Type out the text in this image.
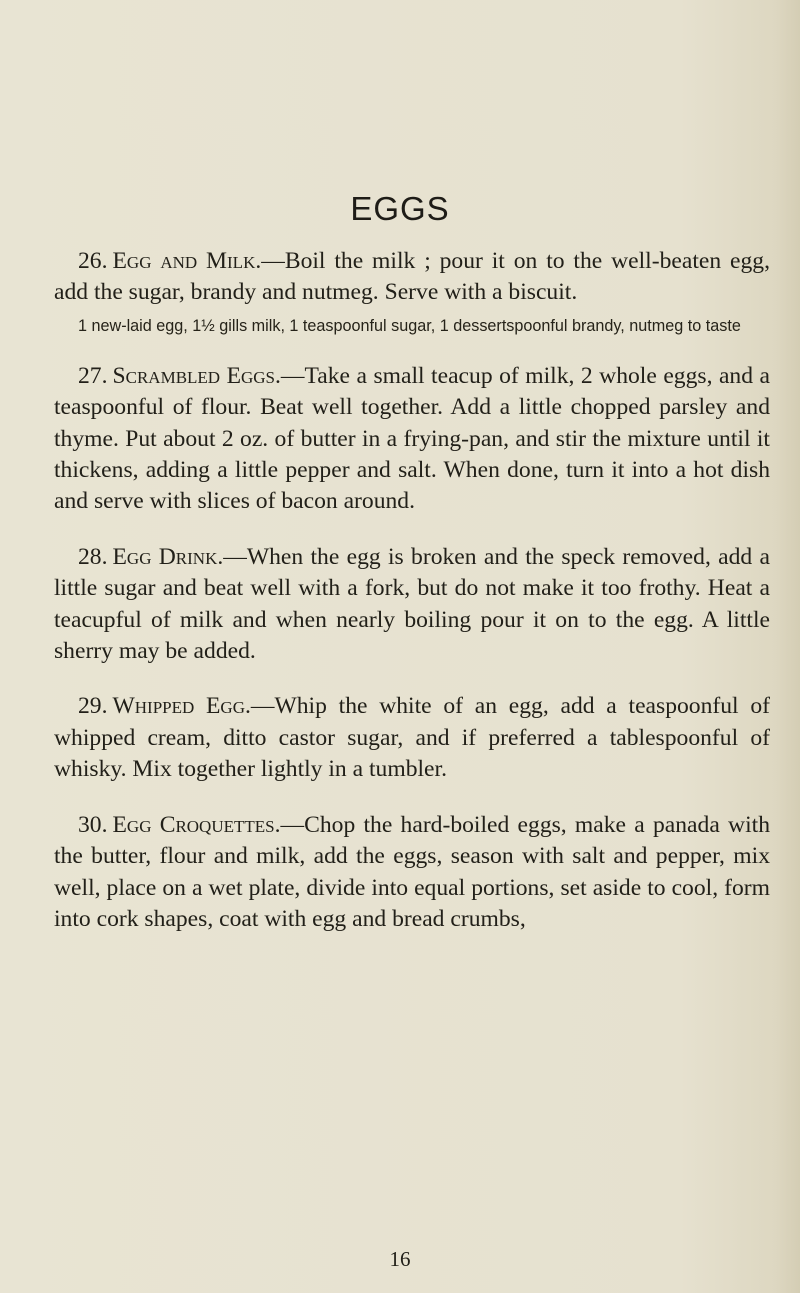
EGGS

26. Egg and Milk.—Boil the milk ; pour it on to the well-beaten egg, add the sugar, brandy and nutmeg. Serve with a biscuit.

1 new-laid egg, 1½ gills milk, 1 teaspoonful sugar, 1 dessertspoonful brandy, nutmeg to taste

27. Scrambled Eggs.—Take a small teacup of milk, 2 whole eggs, and a teaspoonful of flour. Beat well together. Add a little chopped parsley and thyme. Put about 2 oz. of butter in a frying-pan, and stir the mixture until it thickens, adding a little pepper and salt. When done, turn it into a hot dish and serve with slices of bacon around.

28. Egg Drink.—When the egg is broken and the speck removed, add a little sugar and beat well with a fork, but do not make it too frothy. Heat a teacupful of milk and when nearly boiling pour it on to the egg. A little sherry may be added.

29. Whipped Egg.—Whip the white of an egg, add a teaspoonful of whipped cream, ditto castor sugar, and if preferred a tablespoonful of whisky. Mix together lightly in a tumbler.

30. Egg Croquettes.—Chop the hard-boiled eggs, make a panada with the butter, flour and milk, add the eggs, season with salt and pepper, mix well, place on a wet plate, divide into equal portions, set aside to cool, form into cork shapes, coat with egg and bread crumbs,

16
